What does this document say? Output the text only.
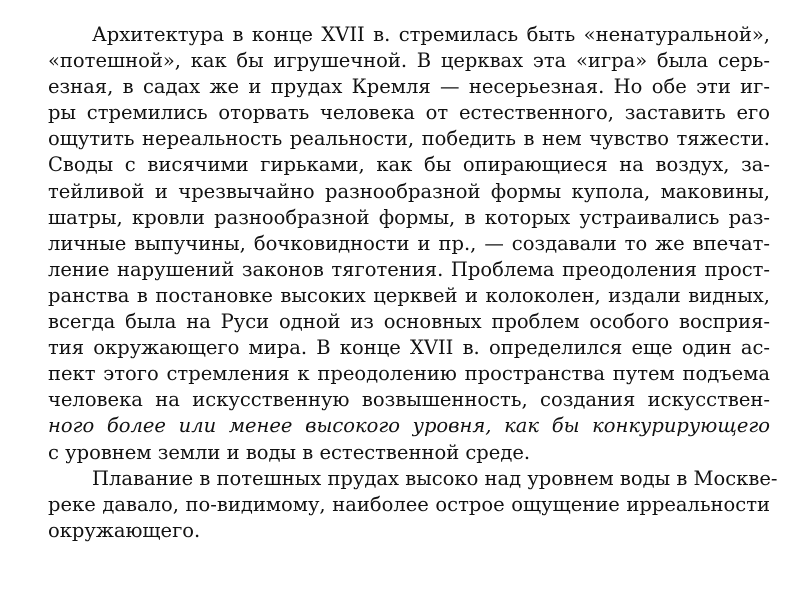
Архитектура в конце XVII в. стремилась быть «ненатуральной»,
«потешной», как бы игрушечной. В церквах эта «игра» была серь-
езная, в садах же и прудах Кремля — несерьезная. Но обе эти иг-
ры стремились оторвать человека от естественного, заставить его
ощутить нереальность реальности, победить в нем чувство тяжести.
Своды с висячими гирьками, как бы опирающиеся на воздух, за-
тейливой и чрезвычайно разнообразной формы купола, маковины,
шатры, кровли разнообразной формы, в которых устраивались раз-
личные выпучины, бочковидности и пр., — создавали то же впечат-
ление нарушений законов тяготения. Проблема преодоления прост-
ранства в постановке высоких церквей и колоколен, издали видных,
всегда была на Руси одной из основных проблем особого восприя-
тия окружающего мира. В конце XVII в. определился еще один ас-
пект этого стремления к преодолению пространства путем подъема
человека на искусственную возвышенность, создания искусствен-
ного более или менее высокого уровня, как бы конкурирующего
с уровнем земли и воды в естественной среде.
Плавание в потешных прудах высоко над уровнем воды в Москве-
реке давало, по-видимому, наиболее острое ощущение ирреальности
окружающего.
